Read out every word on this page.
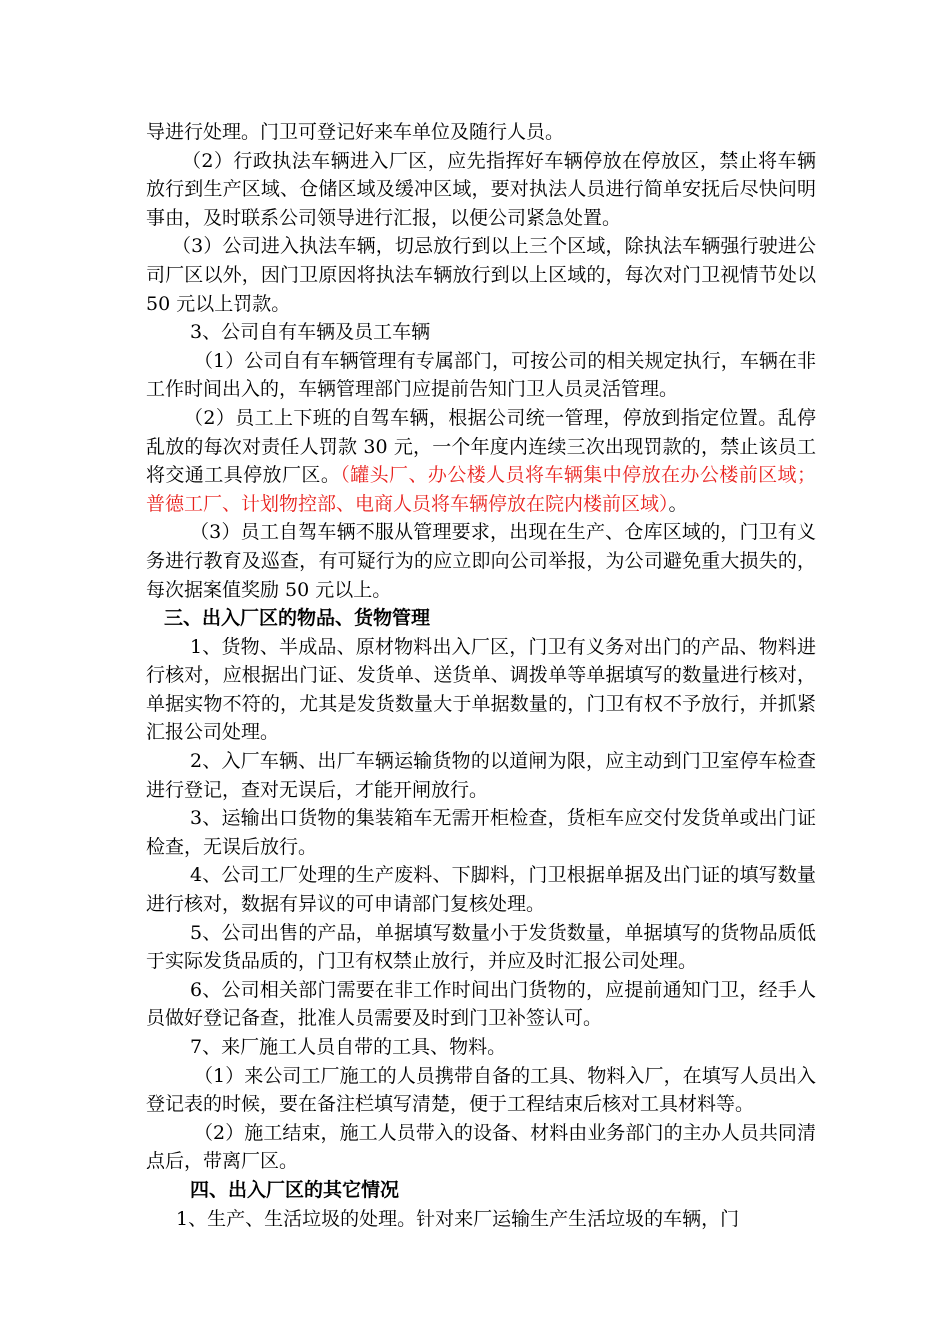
导进行处理。门卫可登记好来车单位及随行人员。

（2）行政执法车辆进入厂区，应先指挥好车辆停放在停放区，禁止将车辆放行到生产区域、仓储区域及缓冲区域，要对执法人员进行简单安抚后尽快问明事由，及时联系公司领导进行汇报，以便公司紧急处置。

（3）公司进入执法车辆，切忌放行到以上三个区域，除执法车辆强行驶进公司厂区以外，因门卫原因将执法车辆放行到以上区域的，每次对门卫视情节处以 50 元以上罚款。

3、公司自有车辆及员工车辆

（1）公司自有车辆管理有专属部门，可按公司的相关规定执行，车辆在非工作时间出入的，车辆管理部门应提前告知门卫人员灵活管理。

（2）员工上下班的自驾车辆，根据公司统一管理，停放到指定位置。乱停乱放的每次对责任人罚款 30 元，一个年度内连续三次出现罚款的，禁止该员工将交通工具停放厂区。（罐头厂、办公楼人员将车辆集中停放在办公楼前区域；普德工厂、计划物控部、电商人员将车辆停放在院内楼前区域）。

（3）员工自驾车辆不服从管理要求，出现在生产、仓库区域的，门卫有义务进行教育及巡查，有可疑行为的应立即向公司举报，为公司避免重大损失的，每次据案值奖励 50 元以上。

三、出入厂区的物品、货物管理

1、货物、半成品、原材物料出入厂区，门卫有义务对出门的产品、物料进行核对，应根据出门证、发货单、送货单、调拨单等单据填写的数量进行核对，单据实物不符的，尤其是发货数量大于单据数量的，门卫有权不予放行，并抓紧汇报公司处理。

2、入厂车辆、出厂车辆运输货物的以道闸为限，应主动到门卫室停车检查进行登记，查对无误后，才能开闸放行。

3、运输出口货物的集装箱车无需开柜检查，货柜车应交付发货单或出门证检查，无误后放行。

4、公司工厂处理的生产废料、下脚料，门卫根据单据及出门证的填写数量进行核对，数据有异议的可申请部门复核处理。

5、公司出售的产品，单据填写数量小于发货数量，单据填写的货物品质低于实际发货品质的，门卫有权禁止放行，并应及时汇报公司处理。

6、公司相关部门需要在非工作时间出门货物的，应提前通知门卫，经手人员做好登记备查，批准人员需要及时到门卫补签认可。

7、来厂施工人员自带的工具、物料。

（1）来公司工厂施工的人员携带自备的工具、物料入厂，在填写人员出入登记表的时候，要在备注栏填写清楚，便于工程结束后核对工具材料等。

（2）施工结束，施工人员带入的设备、材料由业务部门的主办人员共同清点后，带离厂区。

四、出入厂区的其它情况

1、生产、生活垃圾的处理。针对来厂运输生产生活垃圾的车辆，门
